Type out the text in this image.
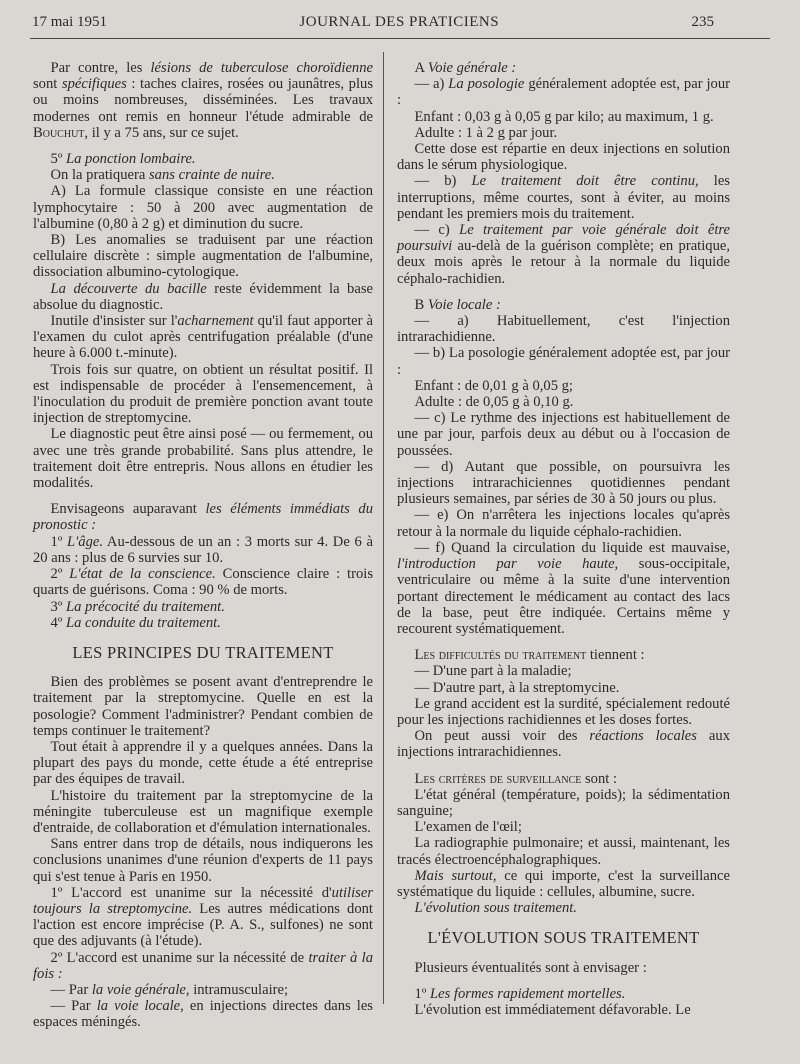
17 mai 1951	JOURNAL DES PRATICIENS	235

Par contre, les lésions de tuberculose choroïdienne sont spécifiques : taches claires, rosées ou jaunâtres, plus ou moins nombreuses, disséminées. Les travaux modernes ont remis en honneur l'étude admirable de Bouchut, il y a 75 ans, sur ce sujet.

5º La ponction lombaire.

On la pratiquera sans crainte de nuire.

A) La formule classique consiste en une réaction lymphocytaire : 50 à 200 avec augmentation de l'albumine (0,80 à 2 g) et diminution du sucre.

B) Les anomalies se traduisent par une réaction cellulaire discrète : simple augmentation de l'albumine, dissociation albumino-cytologique.

La découverte du bacille reste évidemment la base absolue du diagnostic.

Inutile d'insister sur l'acharnement qu'il faut apporter à l'examen du culot après centrifugation préalable (d'une heure à 6.000 t.-minute).

Trois fois sur quatre, on obtient un résultat positif. Il est indispensable de procéder à l'ensemencement, à l'inoculation du produit de première ponction avant toute injection de streptomycine.

Le diagnostic peut être ainsi posé — ou fermement, ou avec une très grande probabilité. Sans plus attendre, le traitement doit être entrepris. Nous allons en étudier les modalités.

Envisageons auparavant les éléments immédiats du pronostic :

1º L'âge. Au-dessous de un an : 3 morts sur 4. De 6 à 20 ans : plus de 6 survies sur 10.

2º L'état de la conscience. Conscience claire : trois quarts de guérisons. Coma : 90 % de morts.

3º La précocité du traitement.

4º La conduite du traitement.

LES PRINCIPES DU TRAITEMENT

Bien des problèmes se posent avant d'entreprendre le traitement par la streptomycine. Quelle en est la posologie? Comment l'administrer? Pendant combien de temps continuer le traitement?

Tout était à apprendre il y a quelques années. Dans la plupart des pays du monde, cette étude a été entreprise par des équipes de travail.

L'histoire du traitement par la streptomycine de la méningite tuberculeuse est un magnifique exemple d'entraide, de collaboration et d'émulation internationales.

Sans entrer dans trop de détails, nous indiquerons les conclusions unanimes d'une réunion d'experts de 11 pays qui s'est tenue à Paris en 1950.

1º L'accord est unanime sur la nécessité d'utiliser toujours la streptomycine. Les autres médications dont l'action est encore imprécise (P. A. S., sulfones) ne sont que des adjuvants (à l'étude).

2º L'accord est unanime sur la nécessité de traiter à la fois :

— Par la voie générale, intramusculaire;

— Par la voie locale, en injections directes dans les espaces méningés.

A Voie générale :

— a) La posologie généralement adoptée est, par jour :

Enfant : 0,03 g à 0,05 g par kilo; au maximum, 1 g.

Adulte : 1 à 2 g par jour.

Cette dose est répartie en deux injections en solution dans le sérum physiologique.

— b) Le traitement doit être continu, les interruptions, même courtes, sont à éviter, au moins pendant les premiers mois du traitement.

— c) Le traitement par voie générale doit être poursuivi au-delà de la guérison complète; en pratique, deux mois après le retour à la normale du liquide céphalo-rachidien.

B Voie locale :

— a) Habituellement, c'est l'injection intrarachidienne.

— b) La posologie généralement adoptée est, par jour :

Enfant : de 0,01 g à 0,05 g;

Adulte : de 0,05 g à 0,10 g.

— c) Le rythme des injections est habituellement de une par jour, parfois deux au début ou à l'occasion de poussées.

— d) Autant que possible, on poursuivra les injections intrarachiciennes quotidiennes pendant plusieurs semaines, par séries de 30 à 50 jours ou plus.

— e) On n'arrêtera les injections locales qu'après retour à la normale du liquide céphalo-rachidien.

— f) Quand la circulation du liquide est mauvaise, l'introduction par voie haute, sous-occipitale, ventriculaire ou même à la suite d'une intervention portant directement le médicament au contact des lacs de la base, peut être indiquée. Certains même y recourent systématiquement.

Les difficultés du traitement tiennent :

— D'une part à la maladie;

— D'autre part, à la streptomycine.

Le grand accident est la surdité, spécialement redouté pour les injections rachidiennes et les doses fortes.

On peut aussi voir des réactions locales aux injections intrarachidiennes.

Les critères de surveillance sont :

L'état général (température, poids); la sédimentation sanguine;

L'examen de l'œil;

La radiographie pulmonaire; et aussi, maintenant, les tracés électroencéphalographiques.

Mais surtout, ce qui importe, c'est la surveillance systématique du liquide : cellules, albumine, sucre.

L'évolution sous traitement.

L'ÉVOLUTION SOUS TRAITEMENT

Plusieurs éventualités sont à envisager :

1º Les formes rapidement mortelles.

L'évolution est immédiatement défavorable. Le
